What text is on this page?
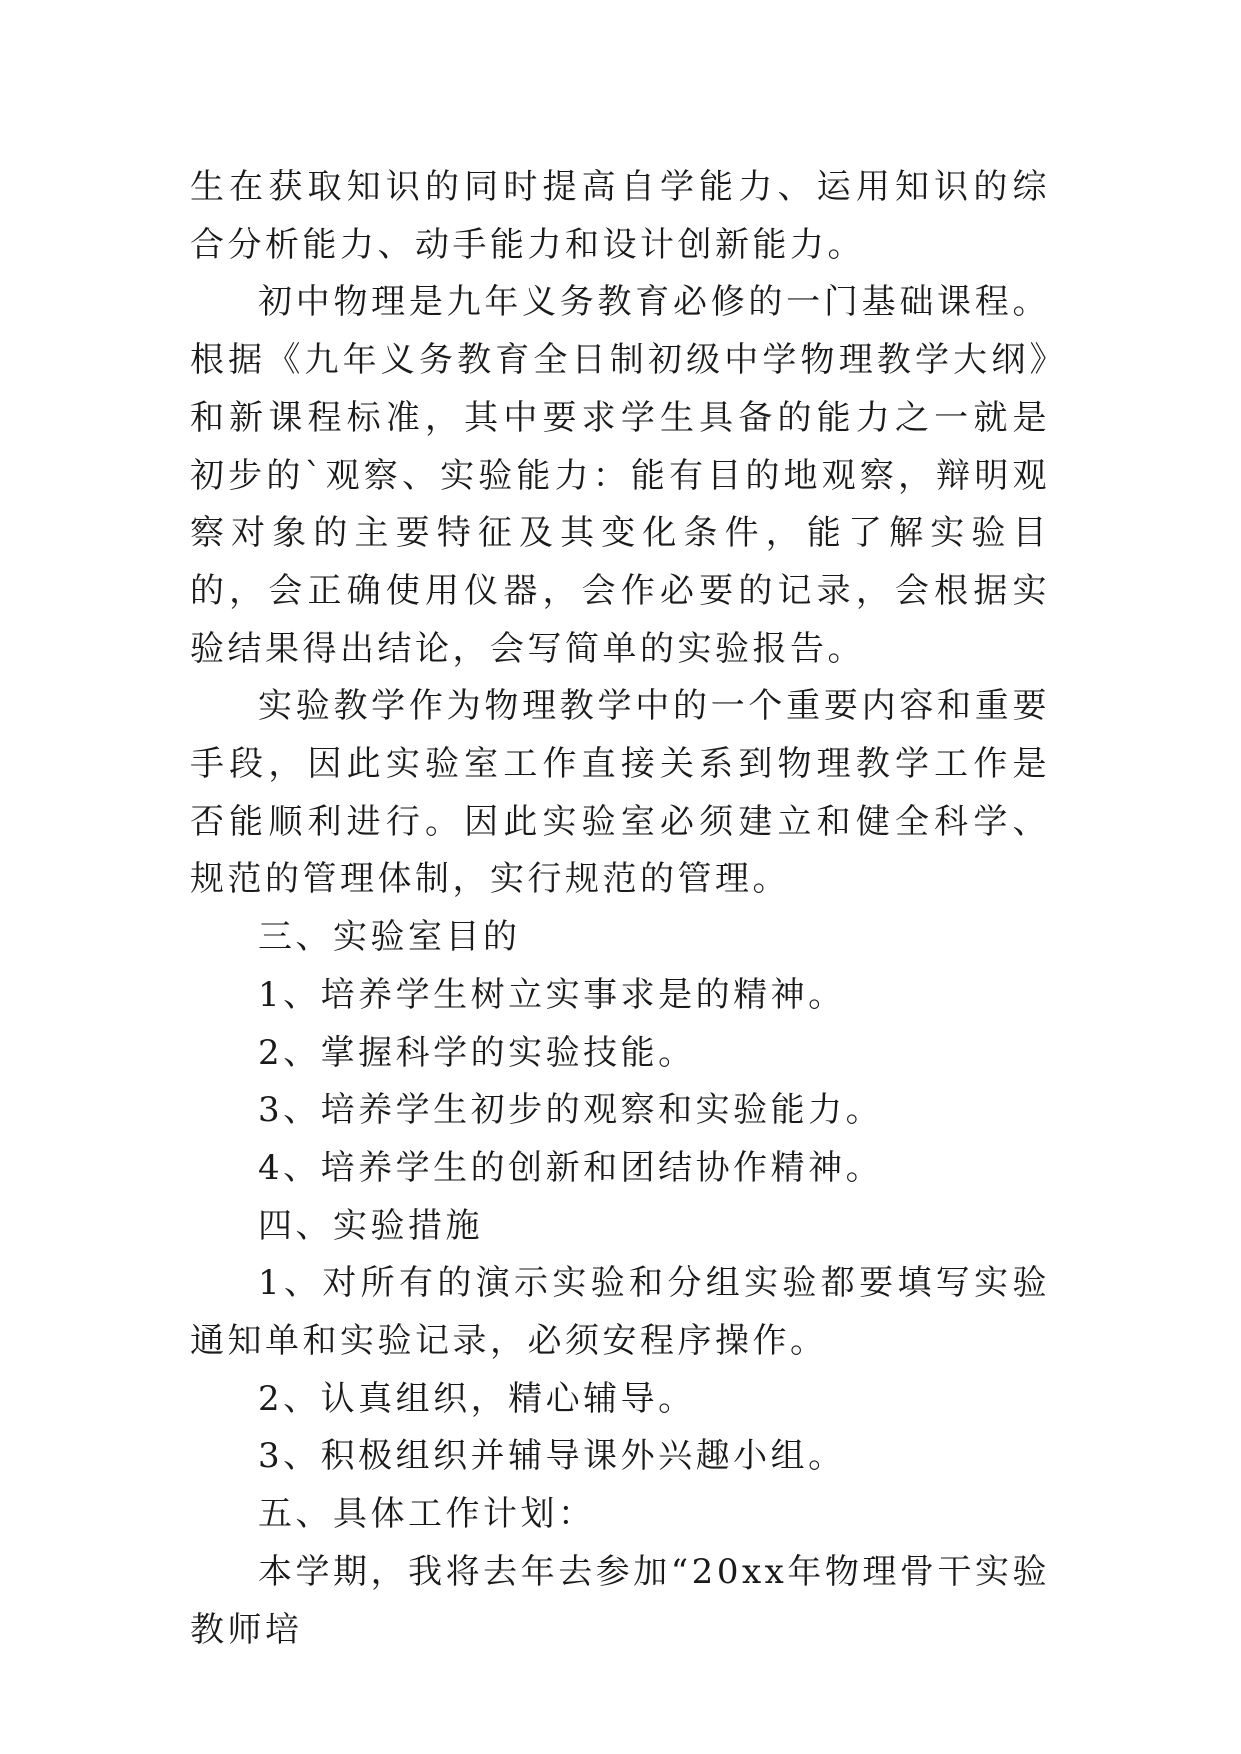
生在获取知识的同时提高自学能力、运用知识的综合分析能力、动手能力和设计创新能力。

初中物理是九年义务教育必修的一门基础课程。根据《九年义务教育全日制初级中学物理教学大纲》和新课程标准，其中要求学生具备的能力之一就是初步的`观察、实验能力：能有目的地观察，辩明观察对象的主要特征及其变化条件，能了解实验目的，会正确使用仪器，会作必要的记录，会根据实验结果得出结论，会写简单的实验报告。

实验教学作为物理教学中的一个重要内容和重要手段，因此实验室工作直接关系到物理教学工作是否能顺利进行。因此实验室必须建立和健全科学、规范的管理体制，实行规范的管理。

三、实验室目的

1、培养学生树立实事求是的精神。

2、掌握科学的实验技能。

3、培养学生初步的观察和实验能力。

4、培养学生的创新和团结协作精神。

四、实验措施

1、对所有的演示实验和分组实验都要填写实验通知单和实验记录，必须安程序操作。

2、认真组织，精心辅导。

3、积极组织并辅导课外兴趣小组。

五、具体工作计划：

本学期，我将去年去参加“20xx年物理骨干实验教师培
